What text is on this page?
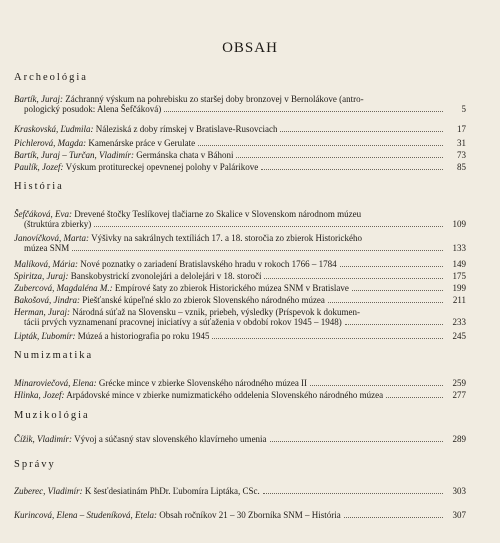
OBSAH
Archeológia
Bartík, Juraj: Záchranný výskum na pohrebisku zo staršej doby bronzovej v Bernolákove (antro-
pologický posudok: Alena Šefčáková)	5
Kraskovská, Ľudmila: Náleziská z doby rímskej v Bratislave-Rusovciach	17
Pichlerová, Magda: Kamenárske práce v Gerulate	31
Bartík, Juraj – Turčan, Vladimír: Germánska chata v Báhoni	73
Paulík, Jozef: Výskum protitureckej opevnenej polohy v Palárikove	85
História
Šefčáková, Eva: Drevené štočky Teslíkovej tlačiarne zo Skalice v Slovenskom národnom múzeu
(štruktúra zbierky)	109
Janovíčková, Marta: Výšivky na sakrálnych textíliách 17. a 18. storočia zo zbierok Historického
múzea SNM	133
Malíková, Mária: Nové poznatky o zariadení Bratislavského hradu v rokoch 1766 – 1784	149
Spiritza, Juraj: Banskobystrickí zvonolejári a delolejári v 18. storočí	175
Zubercová, Magdaléna M.: Empírové šaty zo zbierok Historického múzea SNM v Bratislave	199
Bakošová, Jindra: Piešťanské kúpeľné sklo zo zbierok Slovenského národného múzea	211
Herman, Juraj: Národná súťaž na Slovensku – vznik, priebeh, výsledky (Príspevok k dokumen-
tácii prvých vyznamenaní pracovnej iniciatívy a súťaženia v období rokov 1945 – 1948)	233
Lipták, Ľubomír: Múzeá a historiografia po roku 1945	245
Numizmatika
Minaroviečová, Elena: Grécke mince v zbierke Slovenského národného múzea II	259
Hlinka, Jozef: Arpádovské mince v zbierke numizmatického oddelenia Slovenského národného múzea	277
Muzikológia
Čížik, Vladimír: Vývoj a súčasný stav slovenského klavírneho umenia	289
Správy
Zuberec, Vladimír: K šesťdesiatinám PhDr. Ľubomíra Liptáka, CSc.	303
Kurincová, Elena – Studeníková, Etela: Obsah ročníkov 21 – 30 Zborníka SNM – História	307
